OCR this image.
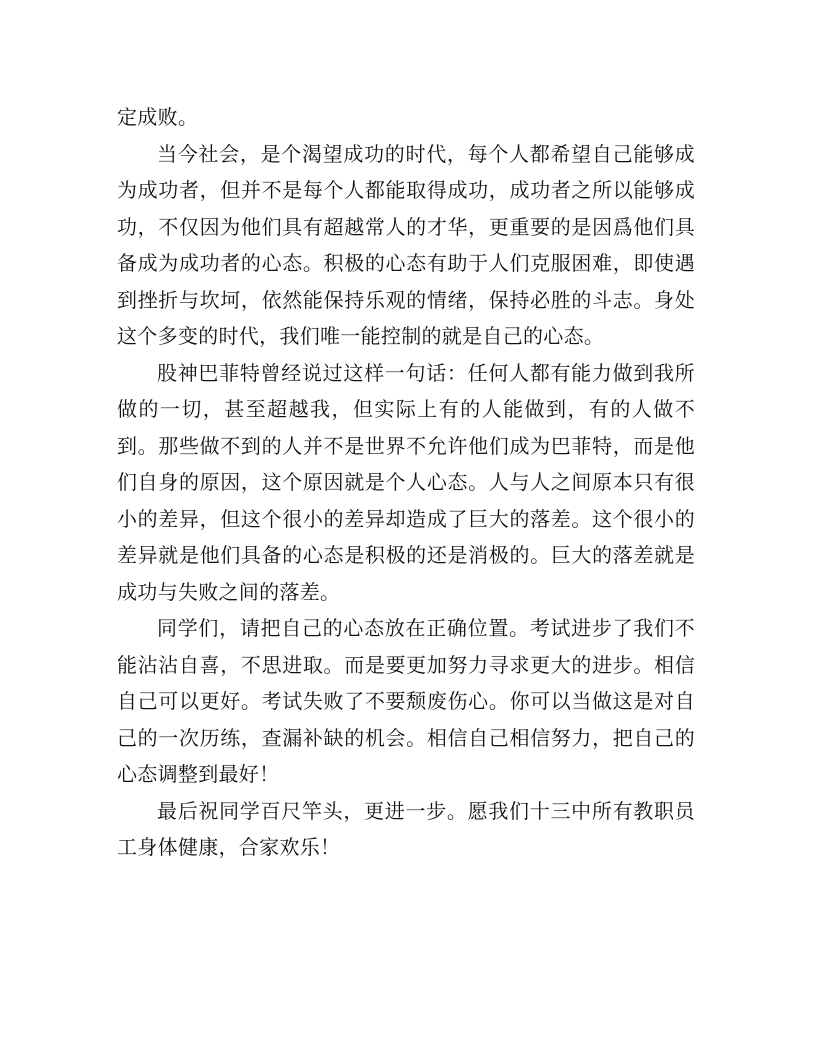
定成败。

当今社会，是个渴望成功的时代，每个人都希望自己能够成为成功者，但并不是每个人都能取得成功，成功者之所以能够成功，不仅因为他们具有超越常人的才华，更重要的是因爲他们具备成为成功者的心态。积极的心态有助于人们克服困难，即使遇到挫折与坎坷，依然能保持乐观的情绪，保持必胜的斗志。身处这个多变的时代，我们唯一能控制的就是自己的心态。

股神巴菲特曾经说过这样一句话：任何人都有能力做到我所做的一切，甚至超越我，但实际上有的人能做到，有的人做不到。那些做不到的人并不是世界不允许他们成为巴菲特，而是他们自身的原因，这个原因就是个人心态。人与人之间原本只有很小的差异，但这个很小的差异却造成了巨大的落差。这个很小的差异就是他们具备的心态是积极的还是消极的。巨大的落差就是成功与失败之间的落差。

同学们，请把自己的心态放在正确位置。考试进步了我们不能沾沾自喜，不思进取。而是要更加努力寻求更大的进步。相信自己可以更好。考试失败了不要颓废伤心。你可以当做这是对自己的一次历练，查漏补缺的机会。相信自己相信努力，把自己的心态调整到最好！

最后祝同学百尺竿头，更进一步。愿我们十三中所有教职员工身体健康，合家欢乐！
